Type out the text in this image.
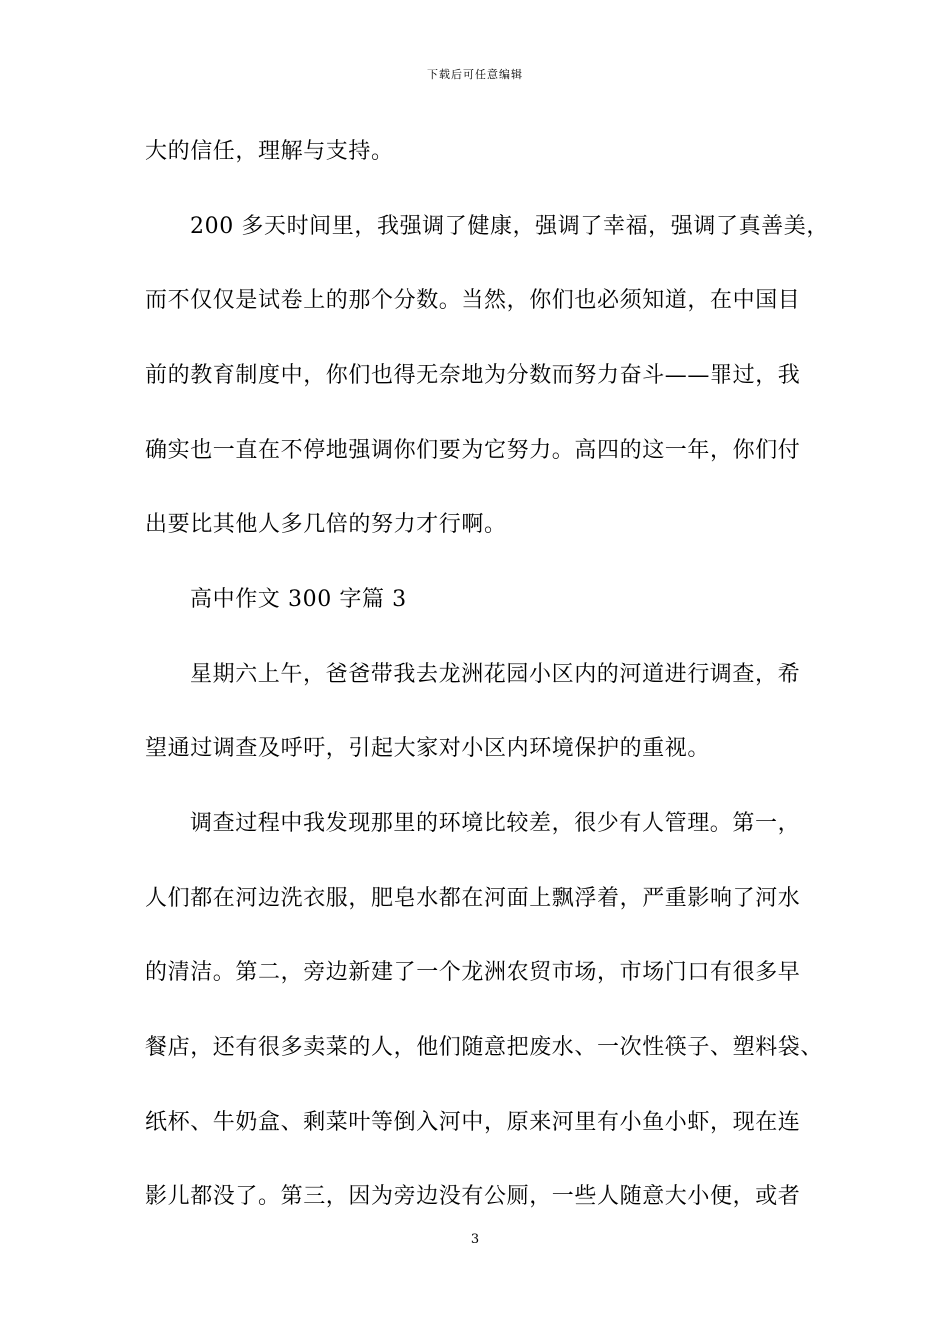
下载后可任意编辑
大的信任，理解与支持。
200 多天时间里，我强调了健康，强调了幸福，强调了真善美，
而不仅仅是试卷上的那个分数。当然，你们也必须知道，在中国目
前的教育制度中，你们也得无奈地为分数而努力奋斗——罪过，我
确实也一直在不停地强调你们要为它努力。高四的这一年，你们付
出要比其他人多几倍的努力才行啊。
高中作文 300 字篇 3
星期六上午，爸爸带我去龙洲花园小区内的河道进行调查，希
望通过调查及呼吁，引起大家对小区内环境保护的重视。
调查过程中我发现那里的环境比较差，很少有人管理。第一，
人们都在河边洗衣服，肥皂水都在河面上飘浮着，严重影响了河水
的清洁。第二，旁边新建了一个龙洲农贸市场，市场门口有很多早
餐店，还有很多卖菜的人，他们随意把废水、一次性筷子、塑料袋、
纸杯、牛奶盒、剩菜叶等倒入河中，原来河里有小鱼小虾，现在连
影儿都没了。第三，因为旁边没有公厕，一些人随意大小便，或者
3
